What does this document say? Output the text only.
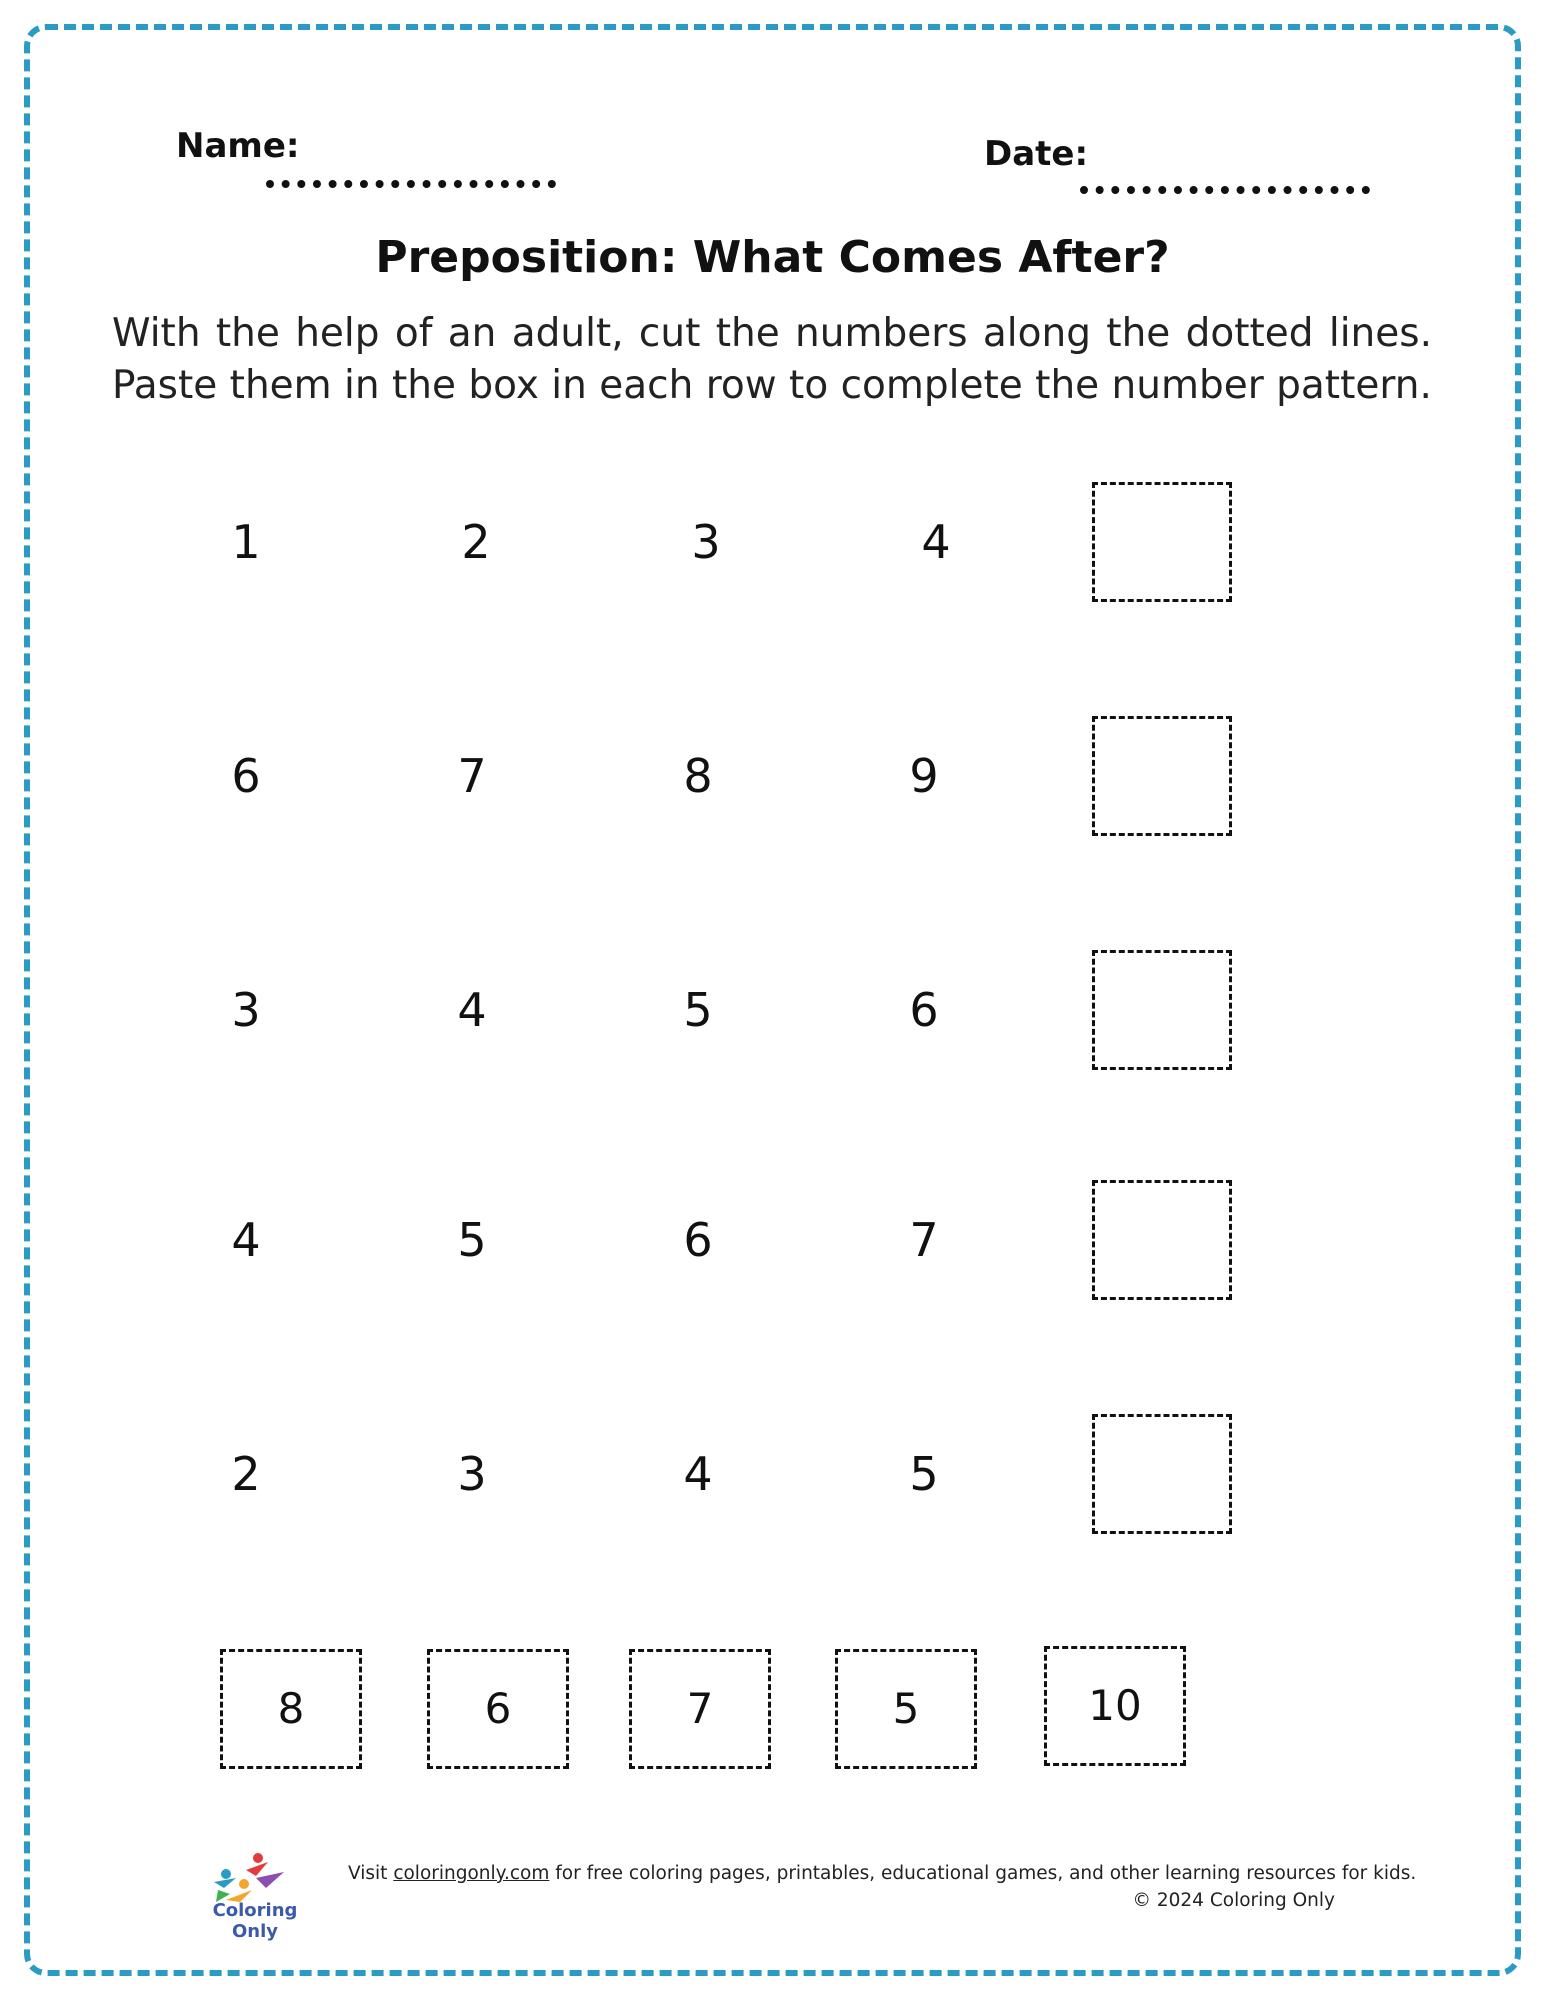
Name:	Date:
Preposition: What Comes After?
With the help of an adult, cut the numbers along the dotted lines. Paste them in the box in each row to complete the number pattern.
1	2	3	4
6	7	8	9
3	4	5	6
4	5	6	7
2	3	4	5
8	6	7	5	10
Coloring Only
Visit coloringonly.com for free coloring pages, printables, educational games, and other learning resources for kids.
© 2024 Coloring Only
